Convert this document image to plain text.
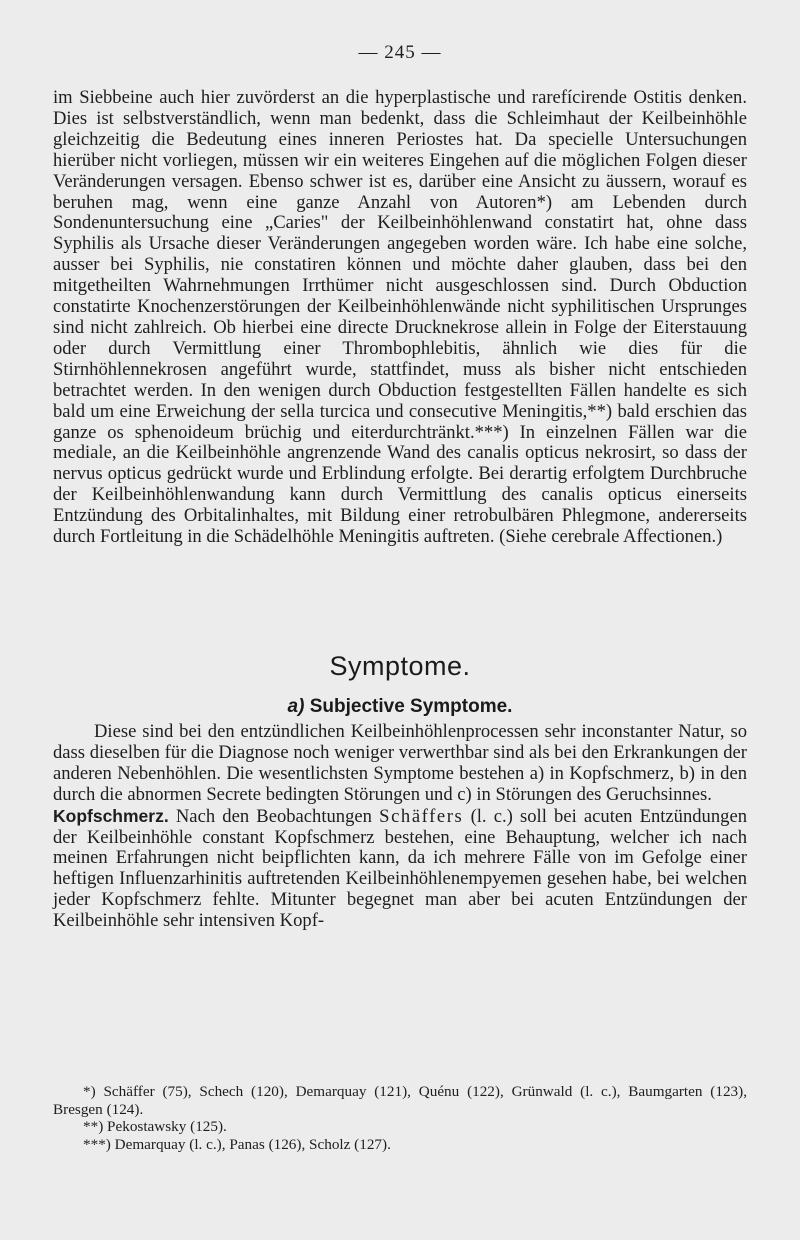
— 245 —

im Siebbeine auch hier zuvörderst an die hyperplastische und rarefícirende Ostitis denken. Dies ist selbstverständlich, wenn man bedenkt, dass die Schleimhaut der Keilbeinhöhle gleichzeitig die Bedeutung eines inneren Periostes hat. Da specielle Untersuchungen hierüber nicht vorliegen, müssen wir ein weiteres Eingehen auf die möglichen Folgen dieser Veränderungen versagen. Ebenso schwer ist es, darüber eine Ansicht zu äussern, worauf es beruhen mag, wenn eine ganze Anzahl von Autoren*) am Lebenden durch Sondenuntersuchung eine „Caries" der Keilbeinhöhlenwand constatirt hat, ohne dass Syphilis als Ursache dieser Veränderungen angegeben worden wäre. Ich habe eine solche, ausser bei Syphilis, nie constatiren können und möchte daher glauben, dass bei den mitgetheilten Wahrnehmungen Irrthümer nicht ausgeschlossen sind. Durch Obduction constatirte Knochenzerstörungen der Keilbeinhöhlenwände nicht syphilitischen Ursprunges sind nicht zahlreich. Ob hierbei eine directe Drucknekrose allein in Folge der Eiterstauung oder durch Vermittlung einer Thrombophlebitis, ähnlich wie dies für die Stirnhöhlennekrosen angeführt wurde, stattfindet, muss als bisher nicht entschieden betrachtet werden. In den wenigen durch Obduction festgestellten Fällen handelte es sich bald um eine Erweichung der sella turcica und consecutive Meningitis,**) bald erschien das ganze os sphenoideum brüchig und eiterdurchtränkt.***) In einzelnen Fällen war die mediale, an die Keilbeinhöhle angrenzende Wand des canalis opticus nekrosirt, so dass der nervus opticus gedrückt wurde und Erblindung erfolgte. Bei derartig erfolgtem Durchbruche der Keilbeinhöhlenwandung kann durch Vermittlung des canalis opticus einerseits Entzündung des Orbitalinhaltes, mit Bildung einer retrobulbären Phlegmone, andererseits durch Fortleitung in die Schädelhöhle Meningitis auftreten. (Siehe cerebrale Affectionen.)

Symptome.
a) Subjective Symptome.

Diese sind bei den entzündlichen Keilbeinhöhlenprocessen sehr inconstanter Natur, so dass dieselben für die Diagnose noch weniger verwerthbar sind als bei den Erkrankungen der anderen Nebenhöhlen. Die wesentlichsten Symptome bestehen a) in Kopfschmerz, b) in den durch die abnormen Secrete bedingten Störungen und c) in Störungen des Geruchsinnes.

Kopfschmerz. Nach den Beobachtungen Schäffers (l. c.) soll bei acuten Entzündungen der Keilbeinhöhle constant Kopfschmerz bestehen, eine Behauptung, welcher ich nach meinen Erfahrungen nicht beipflichten kann, da ich mehrere Fälle von im Gefolge einer heftigen Influenzarhinitis auftretenden Keilbeinhöhlenempyemen gesehen habe, bei welchen jeder Kopfschmerz fehlte. Mitunter begegnet man aber bei acuten Entzündungen der Keilbeinhöhle sehr intensiven Kopf-

*) Schäffer (75), Schech (120), Demarquay (121), Quénu (122), Grünwald (l. c.), Baumgarten (123), Bresgen (124).

**) Pekostawsky (125).

***) Demarquay (l. c.), Panas (126), Scholz (127).
